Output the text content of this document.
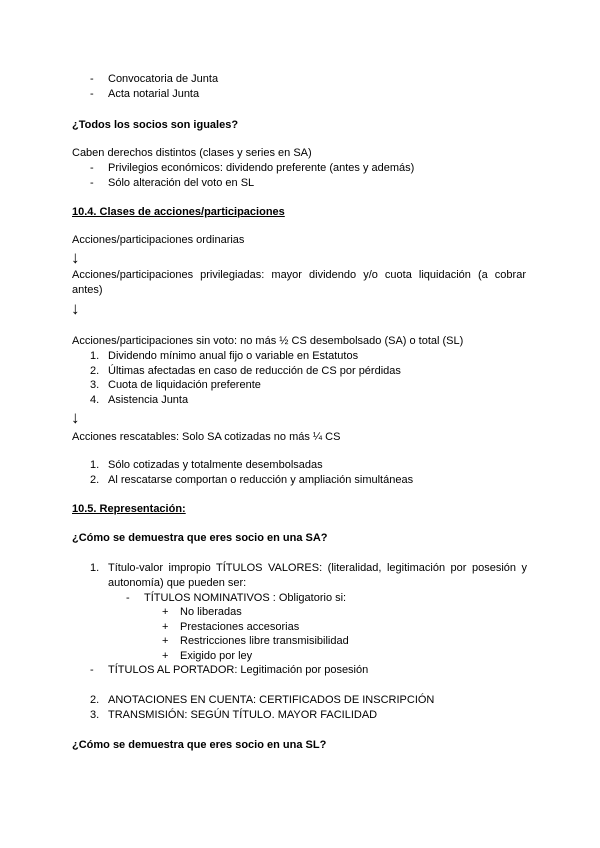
- Convocatoria de Junta
- Acta notarial Junta
¿Todos los socios son iguales?
Caben derechos distintos (clases y series en SA)
- Privilegios económicos: dividendo preferente (antes y además)
- Sólo alteración del voto en SL
10.4. Clases de acciones/participaciones
Acciones/participaciones ordinarias
↓
Acciones/participaciones privilegiadas: mayor dividendo y/o cuota liquidación (a cobrar antes)
↓
Acciones/participaciones sin voto: no más ½ CS desembolsado (SA) o total (SL)
1. Dividendo mínimo anual fijo o variable en Estatutos
2. Últimas afectadas en caso de reducción de CS por pérdidas
3. Cuota de liquidación preferente
4. Asistencia Junta
↓
Acciones rescatables: Solo SA cotizadas no más ¼ CS
1. Sólo cotizadas y totalmente desembolsadas
2. Al rescatarse comportan o reducción y ampliación simultáneas
10.5. Representación:
¿Cómo se demuestra que eres socio en una SA?
1. Título-valor impropio TÍTULOS VALORES: (literalidad, legitimación por posesión y autonomía) que pueden ser:
- TÍTULOS NOMINATIVOS : Obligatorio si:
+ No liberadas
+ Prestaciones accesorias
+ Restricciones libre transmisibilidad
+ Exigido por ley
- TÍTULOS AL PORTADOR: Legitimación por posesión
2. ANOTACIONES EN CUENTA: CERTIFICADOS DE INSCRIPCIÓN
3. TRANSMISIÓN: SEGÚN TÍTULO. MAYOR FACILIDAD
¿Cómo se demuestra que eres socio en una SL?
